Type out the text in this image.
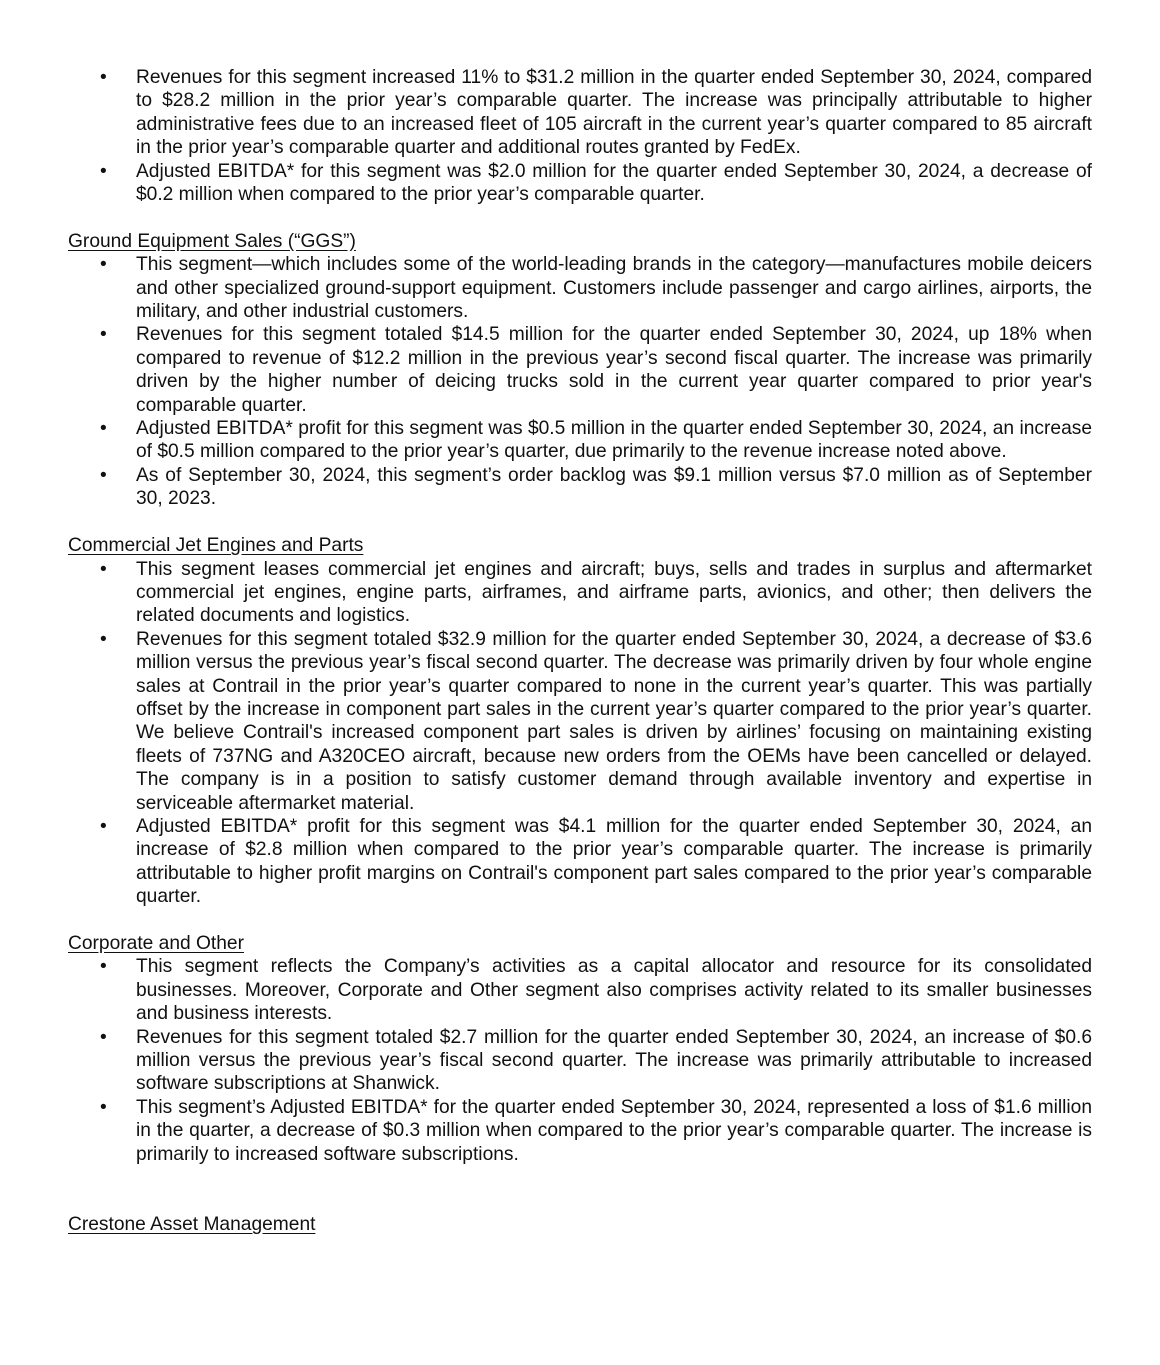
• Revenues for this segment increased 11% to $31.2 million in the quarter ended September 30, 2024, compared to $28.2 million in the prior year’s comparable quarter. The increase was principally attributable to higher administrative fees due to an increased fleet of 105 aircraft in the current year’s quarter compared to 85 aircraft in the prior year’s comparable quarter and additional routes granted by FedEx.
• Adjusted EBITDA* for this segment was $2.0 million for the quarter ended September 30, 2024, a decrease of $0.2 million when compared to the prior year’s comparable quarter.
Ground Equipment Sales (“GGS”)
• This segment—which includes some of the world-leading brands in the category—manufactures mobile deicers and other specialized ground-support equipment. Customers include passenger and cargo airlines, airports, the military, and other industrial customers.
• Revenues for this segment totaled $14.5 million for the quarter ended September 30, 2024, up 18% when compared to revenue of $12.2 million in the previous year’s second fiscal quarter. The increase was primarily driven by the higher number of deicing trucks sold in the current year quarter compared to prior year's comparable quarter.
• Adjusted EBITDA* profit for this segment was $0.5 million in the quarter ended September 30, 2024, an increase of $0.5 million compared to the prior year’s quarter, due primarily to the revenue increase noted above.
• As of September 30, 2024, this segment’s order backlog was $9.1 million versus $7.0 million as of September 30, 2023.
Commercial Jet Engines and Parts
• This segment leases commercial jet engines and aircraft; buys, sells and trades in surplus and aftermarket commercial jet engines, engine parts, airframes, and airframe parts, avionics, and other; then delivers the related documents and logistics.
• Revenues for this segment totaled $32.9 million for the quarter ended September 30, 2024, a decrease of $3.6 million versus the previous year’s fiscal second quarter. The decrease was primarily driven by four whole engine sales at Contrail in the prior year’s quarter compared to none in the current year’s quarter. This was partially offset by the increase in component part sales in the current year’s quarter compared to the prior year’s quarter. We believe Contrail's increased component part sales is driven by airlines’ focusing on maintaining existing fleets of 737NG and A320CEO aircraft, because new orders from the OEMs have been cancelled or delayed. The company is in a position to satisfy customer demand through available inventory and expertise in serviceable aftermarket material.
• Adjusted EBITDA* profit for this segment was $4.1 million for the quarter ended September 30, 2024, an increase of $2.8 million when compared to the prior year’s comparable quarter. The increase is primarily attributable to higher profit margins on Contrail's component part sales compared to the prior year’s comparable quarter.
Corporate and Other
• This segment reflects the Company’s activities as a capital allocator and resource for its consolidated businesses. Moreover, Corporate and Other segment also comprises activity related to its smaller businesses and business interests.
• Revenues for this segment totaled $2.7 million for the quarter ended September 30, 2024, an increase of $0.6 million versus the previous year’s fiscal second quarter. The increase was primarily attributable to increased software subscriptions at Shanwick.
• This segment’s Adjusted EBITDA* for the quarter ended September 30, 2024, represented a loss of $1.6 million in the quarter, a decrease of $0.3 million when compared to the prior year’s comparable quarter. The increase is primarily to increased software subscriptions.
Crestone Asset Management
